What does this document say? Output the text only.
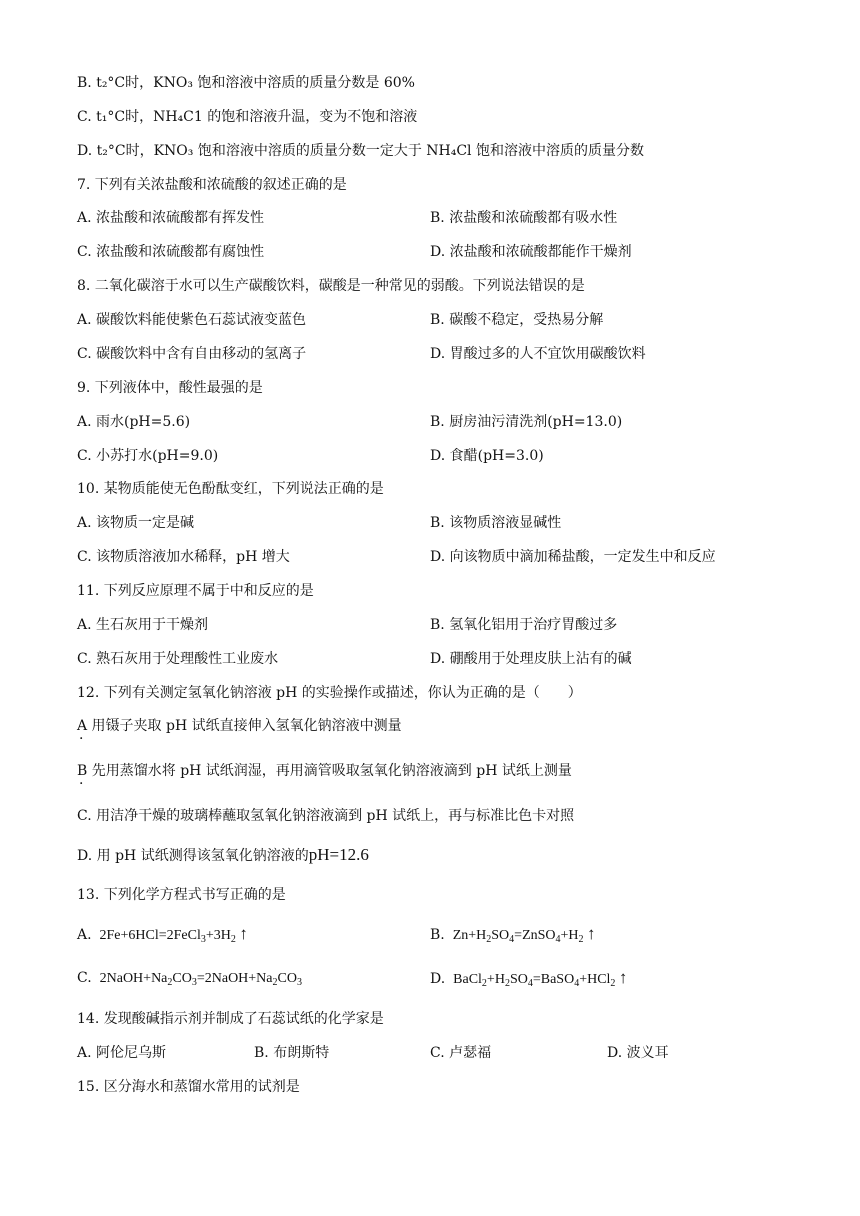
B. t₂°C时，KNO₃ 饱和溶液中溶质的质量分数是 60%
C. t₁°C时，NH₄C1 的饱和溶液升温，变为不饱和溶液
D. t₂°C时，KNO₃ 饱和溶液中溶质的质量分数一定大于 NH₄Cl 饱和溶液中溶质的质量分数
7. 下列有关浓盐酸和浓硫酸的叙述正确的是
A. 浓盐酸和浓硫酸都有挥发性	B. 浓盐酸和浓硫酸都有吸水性
C. 浓盐酸和浓硫酸都有腐蚀性	D. 浓盐酸和浓硫酸都能作干燥剂
8. 二氧化碳溶于水可以生产碳酸饮料，碳酸是一种常见的弱酸。下列说法错误的是
A. 碳酸饮料能使紫色石蕊试液变蓝色	B. 碳酸不稳定，受热易分解
C. 碳酸饮料中含有自由移动的氢离子	D. 胃酸过多的人不宜饮用碳酸饮料
9. 下列液体中，酸性最强的是
A. 雨水(pH=5.6)	B. 厨房油污清洗剂(pH=13.0)
C. 小苏打水(pH=9.0)	D. 食醋(pH=3.0)
10. 某物质能使无色酚酞变红，下列说法正确的是
A. 该物质一定是碱	B. 该物质溶液显碱性
C. 该物质溶液加水稀释，pH 增大	D. 向该物质中滴加稀盐酸，一定发生中和反应
11. 下列反应原理不属于中和反应的是
A. 生石灰用于干燥剂	B. 氢氧化铝用于治疗胃酸过多
C. 熟石灰用于处理酸性工业废水	D. 硼酸用于处理皮肤上沾有的碱
12. 下列有关测定氢氧化钠溶液 pH 的实验操作或描述，你认为正确的是（　　）
A 用镊子夹取 pH 试纸直接伸入氢氧化钠溶液中测量
·
B 先用蒸馏水将 pH 试纸润湿，再用滴管吸取氢氧化钠溶液滴到 pH 试纸上测量
·
C. 用洁净干燥的玻璃棒蘸取氢氧化钠溶液滴到 pH 试纸上，再与标准比色卡对照
D. 用 pH 试纸测得该氢氧化钠溶液的pH=12.6
13. 下列化学方程式书写正确的是
A.  $2Fe+6HCl=2FeCl_3+3H_2$ ↑	B.  $Zn+H_2SO_4=ZnSO_4+H_2$ ↑
C.  $2NaOH+Na_2CO_3=2NaOH+Na_2CO_3$	D.  $BaCl_2+H_2SO_4=BaSO_4+HCl_2$ ↑
14. 发现酸碱指示剂并制成了石蕊试纸的化学家是
A. 阿伦尼乌斯	B. 布朗斯特	C. 卢瑟福	D. 波义耳
15. 区分海水和蒸馏水常用的试剂是
